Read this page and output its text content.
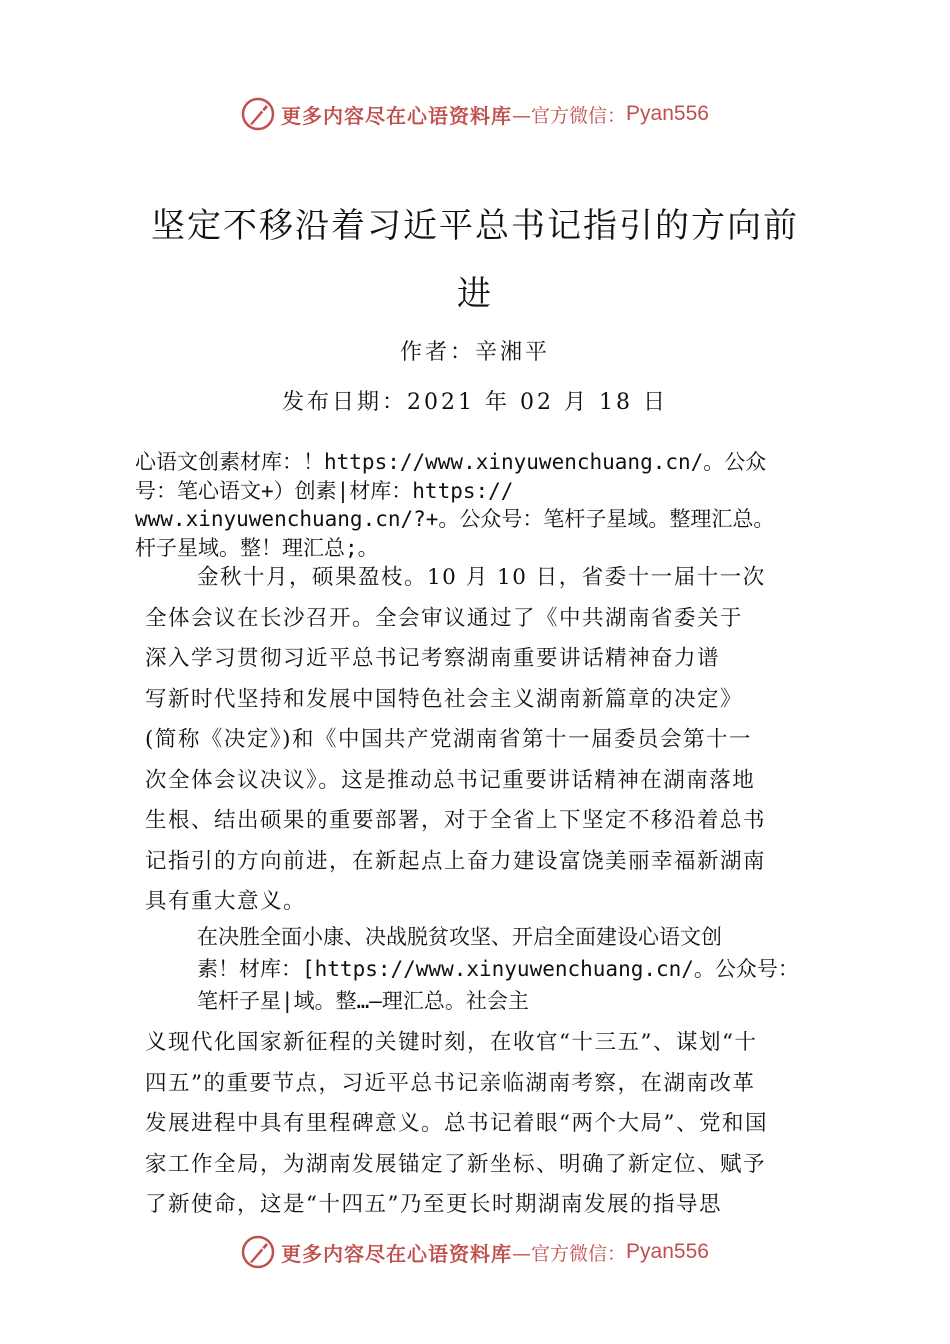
更多内容尽在心语资料库 —官方微信： Pyan556
坚定不移沿着习近平总书记指引的方向前
进
作者：辛湘平
发布日期：2021 年 02 月 18 日
心语文创素材库：！https://www.xinyuwenchuang.cn/。公众
号：笔心语文+）创素|材库：https://
www.xinyuwenchuang.cn/?+。公众号：笔杆子星域。整理汇总。
杆子星域。整！理汇总;。
金秋十月，硕果盈枝。10 月 10 日，省委十一届十一次
全体会议在长沙召开。全会审议通过了《中共湖南省委关于
深入学习贯彻习近平总书记考察湖南重要讲话精神奋力谱
写新时代坚持和发展中国特色社会主义湖南新篇章的决定》
(简称《决定》)和《中国共产党湖南省第十一届委员会第十一
次全体会议决议》。这是推动总书记重要讲话精神在湖南落地
生根、结出硕果的重要部署，对于全省上下坚定不移沿着总书
记指引的方向前进，在新起点上奋力建设富饶美丽幸福新湖南
具有重大意义。
在决胜全面小康、决战脱贫攻坚、开启全面建设心语文创
素！材库：[https://www.xinyuwenchuang.cn/。公众号：
笔杆子星|域。整…—理汇总。社会主
义现代化国家新征程的关键时刻，在收官“十三五”、谋划“十
四五”的重要节点，习近平总书记亲临湖南考察，在湖南改革
发展进程中具有里程碑意义。总书记着眼“两个大局”、党和国
家工作全局，为湖南发展锚定了新坐标、明确了新定位、赋予
了新使命，这是“十四五”乃至更长时期湖南发展的指导思
更多内容尽在心语资料库 —官方微信： Pyan556
